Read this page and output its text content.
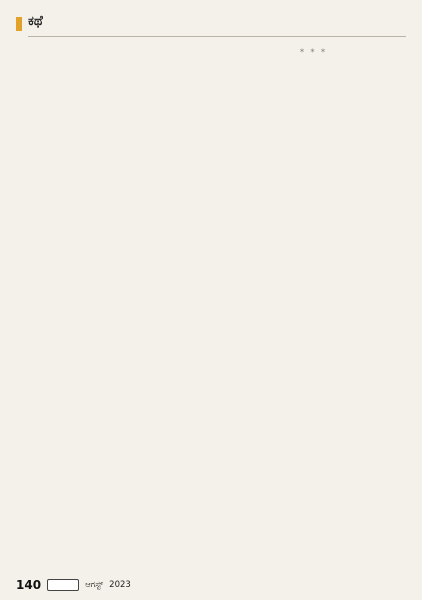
ಕಥೆ
* * *
140	ಆಗಸ್ಟ್ 2023
